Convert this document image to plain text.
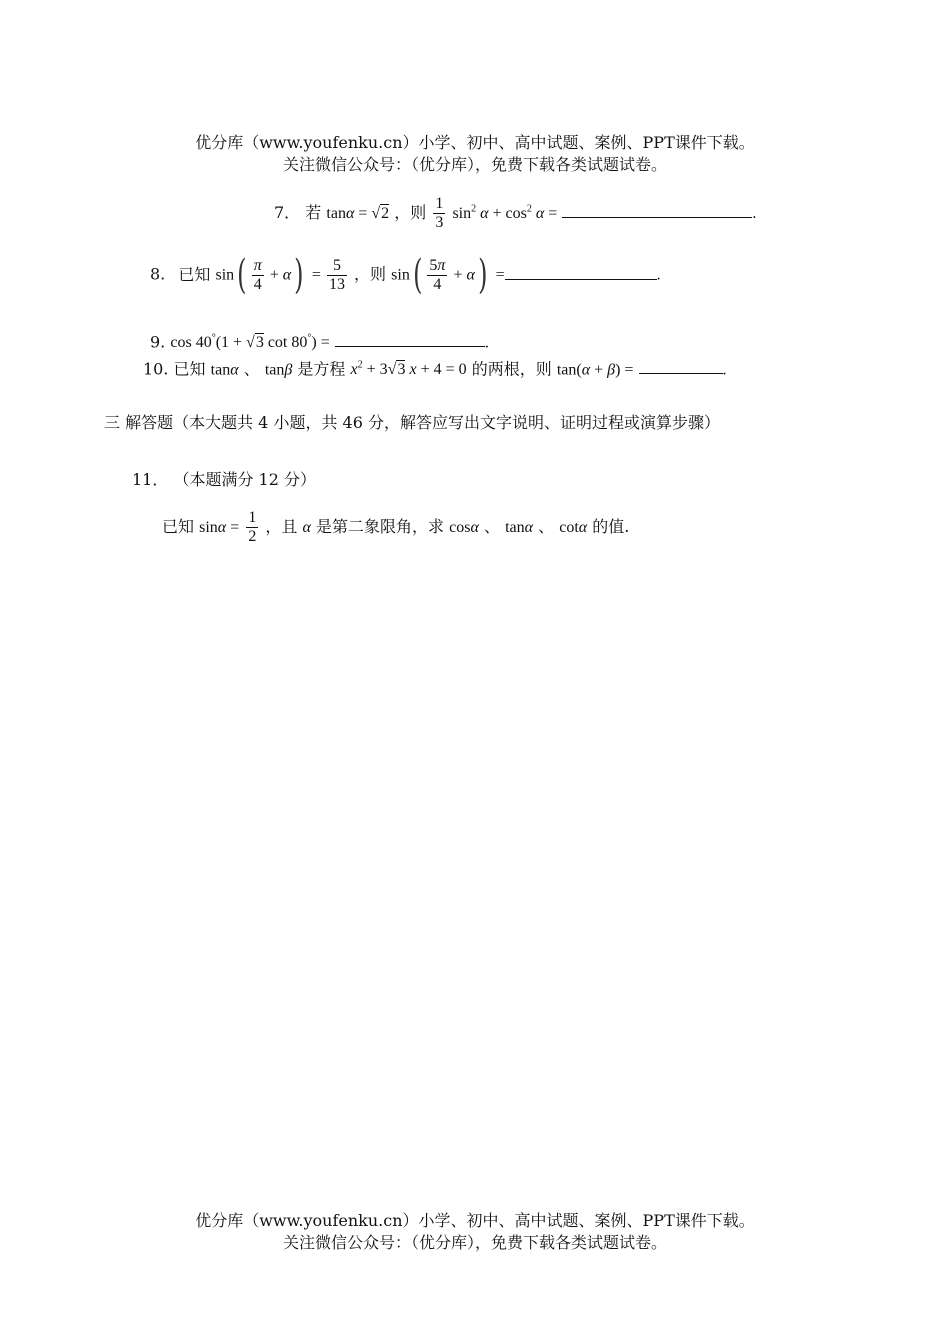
优分库（www.youfenku.cn）小学、初中、高中试题、案例、PPT课件下载。
关注微信公众号：（优分库），免费下载各类试题试卷。
7． 若 tanα = √2 ，则 $\frac{1}{3} \sin^2 \alpha + \cos^2 \alpha$ =	.
8. 已知 $\sin( \frac{\pi}{4} + \alpha) = \frac{5}{13}$ ，则 $\sin( \frac{5\pi}{4} + \alpha)$ =	.
9. cos 40°(1 + √3 cot 80°) =	.
10. 已知 tanα 、 tanβ 是方程 $x^2 + 3√3$ x + 4 = 0 的两根，则 tan(α + β) =	.
三 解答题（本大题共 4 小题，共 46 分，解答应写出文字说明、证明过程或演算步骤）
11． （本题满分 12 分）
已知 $\sin\alpha = \frac{1}{2}$ ，且 α 是第二象限角，求 cosα 、 tanα 、 cotα 的值.
优分库（www.youfenku.cn）小学、初中、高中试题、案例、PPT课件下载。
关注微信公众号：（优分库），免费下载各类试题试卷。
